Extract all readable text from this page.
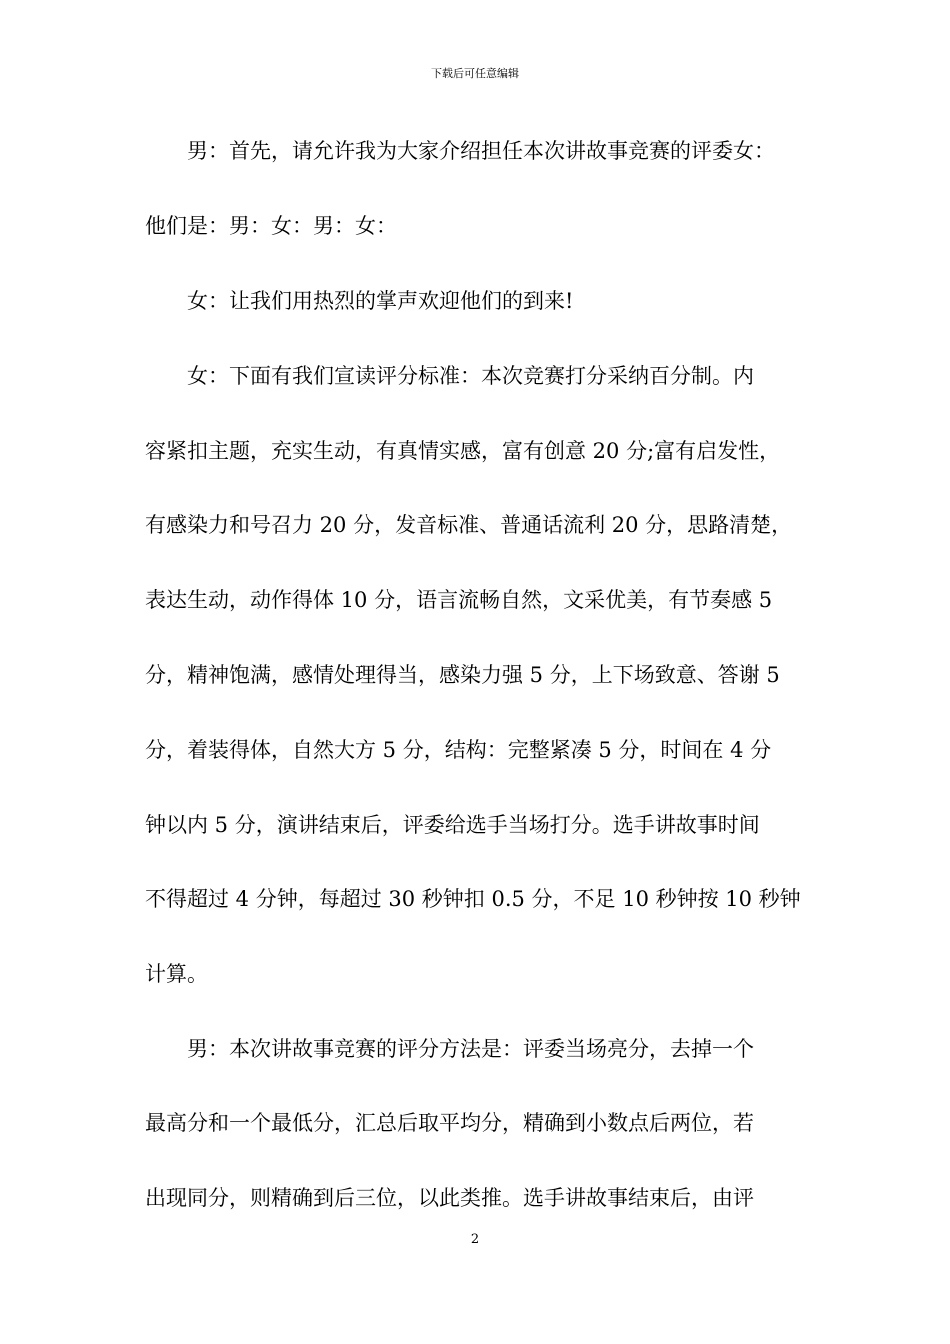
下载后可任意编辑
　　男：首先，请允许我为大家介绍担任本次讲故事竞赛的评委女：
他们是：男：女：男：女：
　　女：让我们用热烈的掌声欢迎他们的到来!
　　女：下面有我们宣读评分标准：本次竞赛打分采纳百分制。内
容紧扣主题，充实生动，有真情实感，富有创意 20 分;富有启发性，
有感染力和号召力 20 分，发音标准、普通话流利 20 分，思路清楚，
表达生动，动作得体 10 分，语言流畅自然，文采优美，有节奏感 5
分，精神饱满，感情处理得当，感染力强 5 分，上下场致意、答谢 5
分，着装得体，自然大方 5 分，结构：完整紧凑 5 分，时间在 4 分
钟以内 5 分，演讲结束后，评委给选手当场打分。选手讲故事时间
不得超过 4 分钟，每超过 30 秒钟扣 0.5 分，不足 10 秒钟按 10 秒钟
计算。
　　男：本次讲故事竞赛的评分方法是：评委当场亮分，去掉一个
最高分和一个最低分，汇总后取平均分，精确到小数点后两位，若
出现同分，则精确到后三位，以此类推。选手讲故事结束后，由评
2
